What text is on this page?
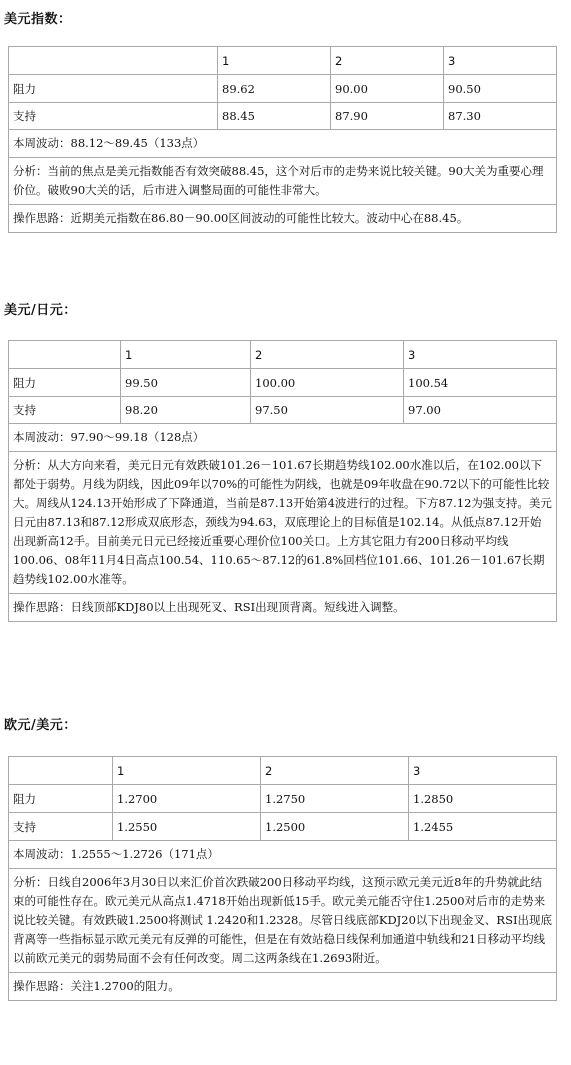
美元指数：
	1	2	3
阻力	89.62	90.00	90.50
支持	88.45	87.90	87.30
本周波动：88.12～89.45（133点）			
分析：当前的焦点是美元指数能否有效突破88.45，这个对后市的走势来说比较关键。90大关为重要心理价位。破败90大关的话，后市进入调整局面的可能性非常大。			
操作思路：近期美元指数在86.80－90.00区间波动的可能性比较大。波动中心在88.45。			
美元/日元：
	1	2	3
阻力	99.50	100.00	100.54
支持	98.20	97.50	97.00
本周波动：97.90～99.18（128点）			
分析：从大方向来看，美元日元有效跌破101.26－101.67长期趋势线102.00水准以后，在102.00以下都处于弱势。月线为阴线，因此09年以70%的可能性为阴线，也就是09年收盘在90.72以下的可能性比较大。周线从124.13开始形成了下降通道，当前是87.13开始第4波进行的过程。下方87.12为强支持。美元日元由87.13和87.12形成双底形态，颈线为94.63，双底理论上的目标值是102.14。从低点87.12开始出现新高12手。目前美元日元已经接近重要心理价位100关口。上方其它阻力有200日移动平均线100.06、08年11月4日高点100.54、110.65～87.12的61.8%回档位101.66、101.26－101.67长期趋势线102.00水准等。			
操作思路：日线顶部KDJ80以上出现死叉、RSI出现顶背离。短线进入调整。			
欧元/美元：
	1	2	3
阻力	1.2700	1.2750	1.2850
支持	1.2550	1.2500	1.2455
本周波动：1.2555～1.2726（171点）			
分析：日线自2006年3月30日以来汇价首次跌破200日移动平均线，这预示欧元美元近8年的升势就此结束的可能性存在。欧元美元从高点1.4718开始出现新低15手。欧元美元能否守住1.2500对后市的走势来说比较关键。有效跌破1.2500将测试 1.2420和1.2328。尽管日线底部KDJ20以下出现金叉、RSI出现底背离等一些指标显示欧元美元有反弹的可能性，但是在有效站稳日线保利加通道中轨线和21日移动平均线以前欧元美元的弱势局面不会有任何改变。周二这两条线在1.2693附近。			
操作思路：关注1.2700的阻力。			
